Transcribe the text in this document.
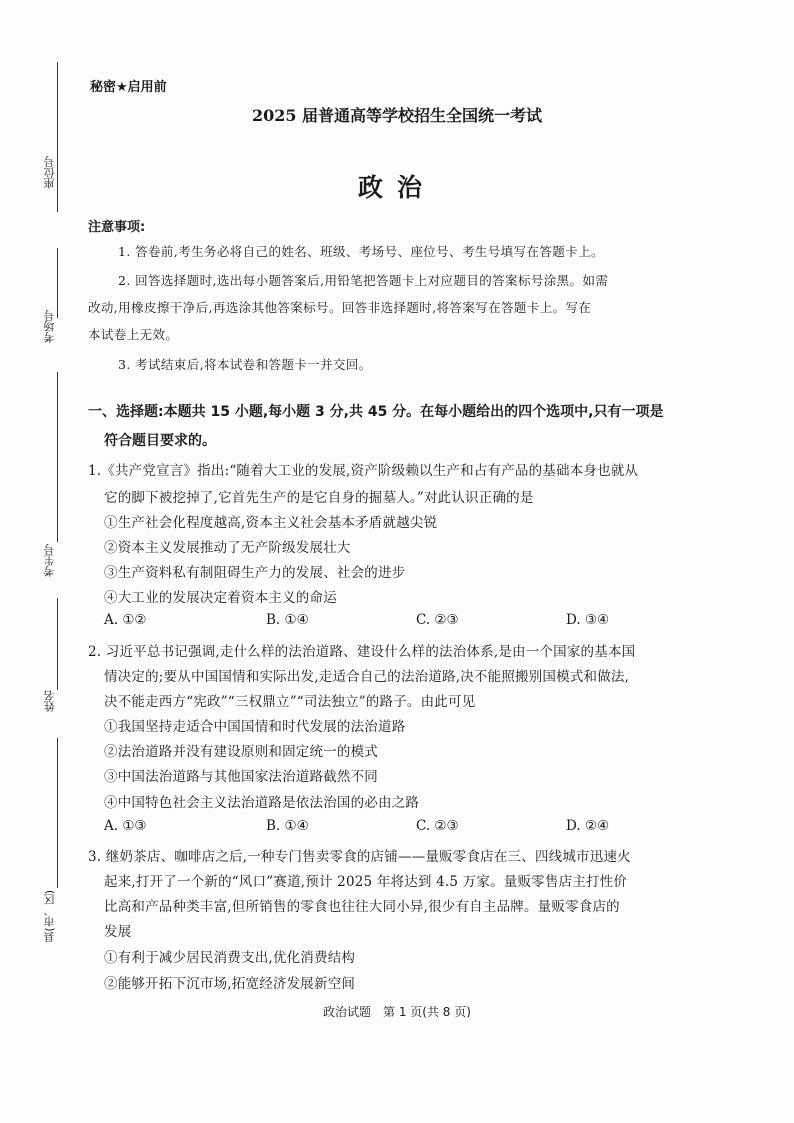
座位号
考场号
考生号
姓名
县(市、区)
秘密★启用前
2025 届普通高等学校招生全国统一考试
政治
注意事项:
1. 答卷前,考生务必将自己的姓名、班级、考场号、座位号、考生号填写在答题卡上。
2. 回答选择题时,选出每小题答案后,用铅笔把答题卡上对应题目的答案标号涂黑。如需
改动,用橡皮擦干净后,再选涂其他答案标号。回答非选择题时,将答案写在答题卡上。写在
本试卷上无效。
3. 考试结束后,将本试卷和答题卡一并交回。
一、选择题:本题共 15 小题,每小题 3 分,共 45 分。在每小题给出的四个选项中,只有一项是
符合题目要求的。
1.《共产党宣言》指出:“随着大工业的发展,资产阶级赖以生产和占有产品的基础本身也就从
它的脚下被挖掉了,它首先生产的是它自身的掘墓人。”对此认识正确的是
①生产社会化程度越高,资本主义社会基本矛盾就越尖锐
②资本主义发展推动了无产阶级发展壮大
③生产资料私有制阻碍生产力的发展、社会的进步
④大工业的发展决定着资本主义的命运
A. ①②	B. ①④	C. ②③	D. ③④
2. 习近平总书记强调,走什么样的法治道路、建设什么样的法治体系,是由一个国家的基本国
情决定的;要从中国国情和实际出发,走适合自己的法治道路,决不能照搬别国模式和做法,
决不能走西方“宪政”“三权鼎立”“司法独立”的路子。由此可见
①我国坚持走适合中国国情和时代发展的法治道路
②法治道路并没有建设原则和固定统一的模式
③中国法治道路与其他国家法治道路截然不同
④中国特色社会主义法治道路是依法治国的必由之路
A. ①③	B. ①④	C. ②③	D. ②④
3. 继奶茶店、咖啡店之后,一种专门售卖零食的店铺——量贩零食店在三、四线城市迅速火
起来,打开了一个新的“风口”赛道,预计 2025 年将达到 4.5 万家。量贩零售店主打性价
比高和产品种类丰富,但所销售的零食也往往大同小异,很少有自主品牌。量贩零食店的
发展
①有利于减少居民消费支出,优化消费结构
②能够开拓下沉市场,拓宽经济发展新空间
政治试题　第 1 页(共 8 页)
